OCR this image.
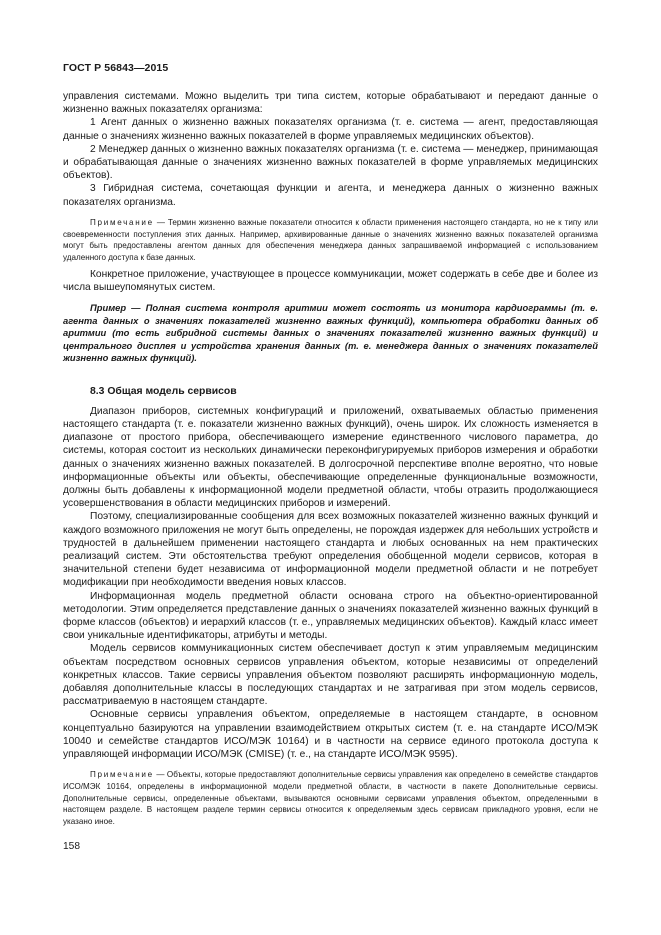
ГОСТ Р 56843—2015

управления системами. Можно выделить три типа систем, которые обрабатывают и передают данные о жизненно важных показателях организма:

1 Агент данных о жизненно важных показателях организма (т. е. система — агент, предоставляющая данные о значениях жизненно важных показателей в форме управляемых медицинских объектов).

2 Менеджер данных о жизненно важных показателях организма (т. е. система — менеджер, принимающая и обрабатывающая данные о значениях жизненно важных показателей в форме управляемых медицинских объектов).

3 Гибридная система, сочетающая функции и агента, и менеджера данных о жизненно важных показателях организма.

Примечание — Термин жизненно важные показатели относится к области применения настоящего стандарта, но не к типу или своевременности поступления этих данных. Например, архивированные данные о значениях жизненно важных показателей организма могут быть предоставлены агентом данных для обеспечения менеджера данных запрашиваемой информацией с использованием удаленного доступа к базе данных.

Конкретное приложение, участвующее в процессе коммуникации, может содержать в себе две и более из числа вышеупомянутых систем.

Пример — Полная система контроля аритмии может состоять из монитора кардиограммы (т. е. агента данных о значениях показателей жизненно важных функций), компьютера обработки данных об аритмии (то есть гибридной системы данных о значениях показателей жизненно важных функций) и центрального дисплея и устройства хранения данных (т. е. менеджера данных о значениях показателей жизненно важных функций).

8.3 Общая модель сервисов

Диапазон приборов, системных конфигураций и приложений, охватываемых областью применения настоящего стандарта (т. е. показатели жизненно важных функций), очень широк. Их сложность изменяется в диапазоне от простого прибора, обеспечивающего измерение единственного числового параметра, до системы, которая состоит из нескольких динамически переконфигурируемых приборов измерения и обработки данных о значениях жизненно важных показателей. В долгосрочной перспективе вполне вероятно, что новые информационные объекты или объекты, обеспечивающие определенные функциональные возможности, должны быть добавлены к информационной модели предметной области, чтобы отразить продолжающиеся усовершенствования в области медицинских приборов и измерений.

Поэтому, специализированные сообщения для всех возможных показателей жизненно важных функций и каждого возможного приложения не могут быть определены, не порождая издержек для небольших устройств и трудностей в дальнейшем применении настоящего стандарта и любых основанных на нем практических реализаций систем. Эти обстоятельства требуют определения обобщенной модели сервисов, которая в значительной степени будет независима от информационной модели предметной области и не потребует модификации при необходимости введения новых классов.

Информационная модель предметной области основана строго на объектно-ориентированной методологии. Этим определяется представление данных о значениях показателей жизненно важных функций в форме классов (объектов) и иерархий классов (т. е., управляемых медицинских объектов). Каждый класс имеет свои уникальные идентификаторы, атрибуты и методы.

Модель сервисов коммуникационных систем обеспечивает доступ к этим управляемым медицинским объектам посредством основных сервисов управления объектом, которые независимы от определений конкретных классов. Такие сервисы управления объектом позволяют расширять информационную модель, добавляя дополнительные классы в последующих стандартах и не затрагивая при этом модель сервисов, рассматриваемую в настоящем стандарте.

Основные сервисы управления объектом, определяемые в настоящем стандарте, в основном концептуально базируются на управлении взаимодействием открытых систем (т. е. на стандарте ИСО/МЭК 10040 и семействе стандартов ИСО/МЭК 10164) и в частности на сервисе единого протокола доступа к управляющей информации ИСО/МЭК (CMISE) (т. е., на стандарте ИСО/МЭК 9595).

Примечание — Объекты, которые предоставляют дополнительные сервисы управления как определено в семействе стандартов ИСО/МЭК 10164, определены в информационной модели предметной области, в частности в пакете Дополнительные сервисы. Дополнительные сервисы, определенные объектами, вызываются основными сервисами управления объектом, определенными в настоящем разделе. В настоящем разделе термин сервисы относится к определяемым здесь сервисам прикладного уровня, если не указано иное.

158
